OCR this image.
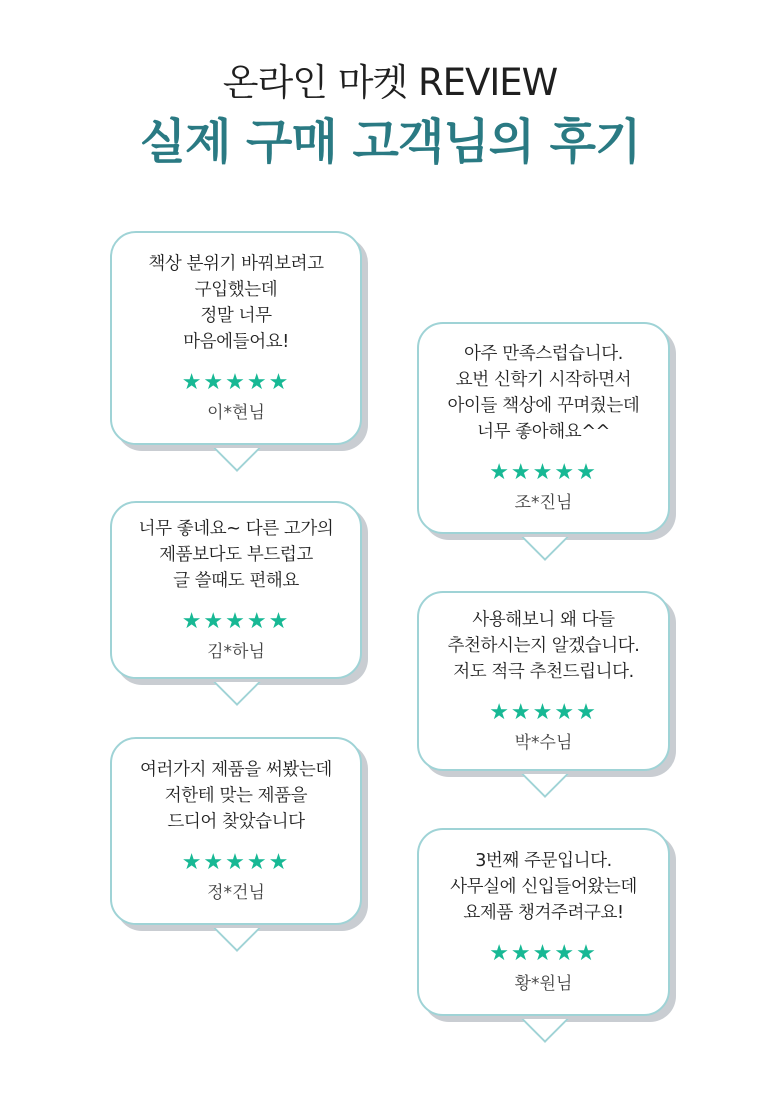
온라인 마켓 REVIEW
실제 구매 고객님의 후기
책상 분위기 바꿔보려고
구입했는데
정말 너무
마음에들어요!
★★★★★
이*현님
너무 좋네요~ 다른 고가의
제품보다도 부드럽고
글 쓸때도 편해요
★★★★★
김*하님
여러가지 제품을 써봤는데
저한테 맞는 제품을
드디어 찾았습니다
★★★★★
정*건님
아주 만족스럽습니다.
요번 신학기 시작하면서
아이들 책상에 꾸며줬는데
너무 좋아해요^^
★★★★★
조*진님
사용해보니 왜 다들
추천하시는지 알겠습니다.
저도 적극 추천드립니다.
★★★★★
박*수님
3번째 주문입니다.
사무실에 신입들어왔는데
요제품 챙겨주려구요!
★★★★★
황*원님
